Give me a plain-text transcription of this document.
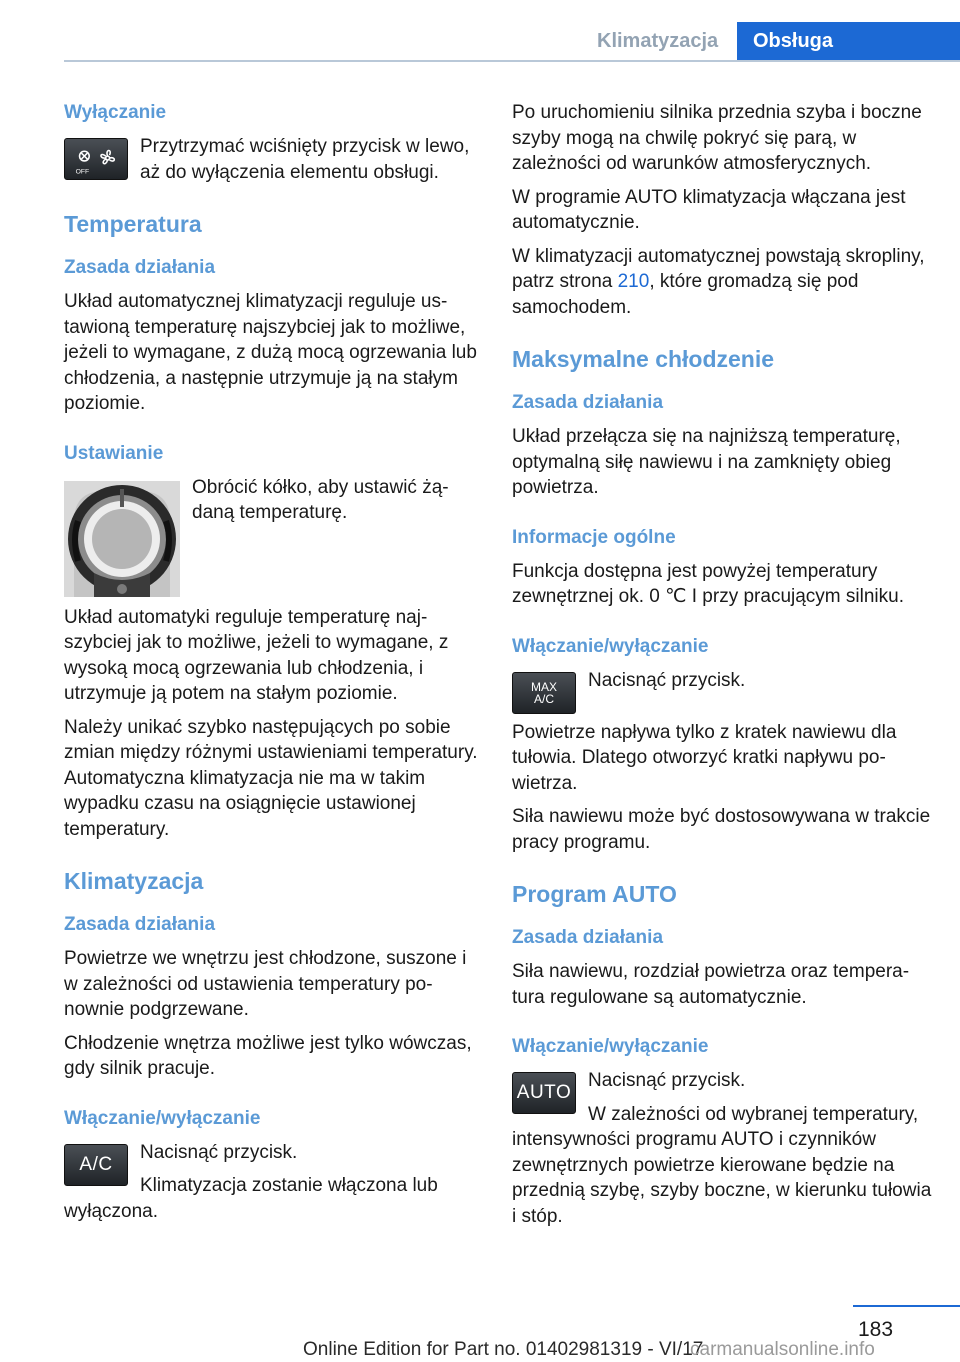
Klimatyzacja	Obsługa
Wyłączanie
OFF
Przytrzymać wciśnięty przycisk w lewo, aż do wyłączenia elementu obsługi.
Temperatura
Zasada działania
Układ automatycznej klimatyzacji reguluje ustawioną temperaturę najszybciej jak to możliwe, jeżeli to wymagane, z dużą mocą ogrzewania lub chłodzenia, a następnie utrzymuje ją na stałym poziomie.
Ustawianie
Obrócić kółko, aby ustawić żądaną temperaturę.
Układ automatyki reguluje temperaturę najszybciej jak to możliwe, jeżeli to wymagane, z wysoką mocą ogrzewania lub chłodzenia, i utrzymuje ją potem na stałym poziomie.
Należy unikać szybko następujących po sobie zmian między różnymi ustawieniami temperatury. Automatyczna klimatyzacja nie ma w takim wypadku czasu na osiągnięcie ustawionej temperatury.
Klimatyzacja
Zasada działania
Powietrze we wnętrzu jest chłodzone, suszone i w zależności od ustawienia temperatury ponownie podgrzewane.
Chłodzenie wnętrza możliwe jest tylko wówczas, gdy silnik pracuje.
Włączanie/wyłączanie
A/C
Nacisnąć przycisk.
Klimatyzacja zostanie włączona lub wyłączona.
Po uruchomieniu silnika przednia szyba i boczne szyby mogą na chwilę pokryć się parą, w zależności od warunków atmosferycznych.
W programie AUTO klimatyzacja włączana jest automatycznie.
W klimatyzacji automatycznej powstają skropliny, patrz strona 210, które gromadzą się pod samochodem.
Maksymalne chłodzenie
Zasada działania
Układ przełącza się na najniższą temperaturę, optymalną siłę nawiewu i na zamknięty obieg powietrza.
Informacje ogólne
Funkcja dostępna jest powyżej temperatury zewnętrznej ok. 0 ℃ I przy pracującym silniku.
Włączanie/wyłączanie
MAX
A/C
Nacisnąć przycisk.
Powietrze napływa tylko z kratek nawiewu dla tułowia. Dlatego otworzyć kratki napływu powietrza.
Siła nawiewu może być dostosowywana w trakcie pracy programu.
Program AUTO
Zasada działania
Siła nawiewu, rozdział powietrza oraz temperatura regulowane są automatycznie.
Włączanie/wyłączanie
AUTO
Nacisnąć przycisk.
W zależności od wybranej temperatury, intensywności programu AUTO i czynników zewnętrznych powietrze kierowane będzie na przednią szybę, szyby boczne, w kierunku tułowia i stóp.
183
Online Edition for Part no. 01402981319 - VI/17
carmanualsonline.info
